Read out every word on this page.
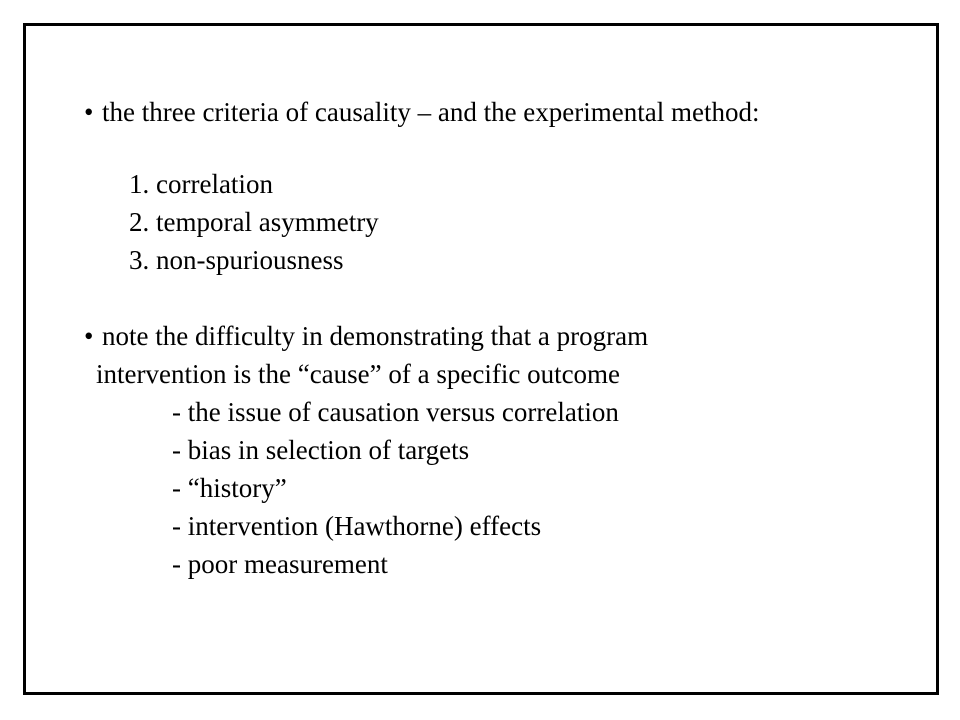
• the three criteria of causality – and the experimental method:
1. correlation
2. temporal asymmetry
3. non-spuriousness
• note the difficulty in demonstrating that a program
intervention is the “cause” of a specific outcome
- the issue of causation versus correlation
- bias in selection of targets
- “history”
- intervention (Hawthorne) effects
- poor measurement
